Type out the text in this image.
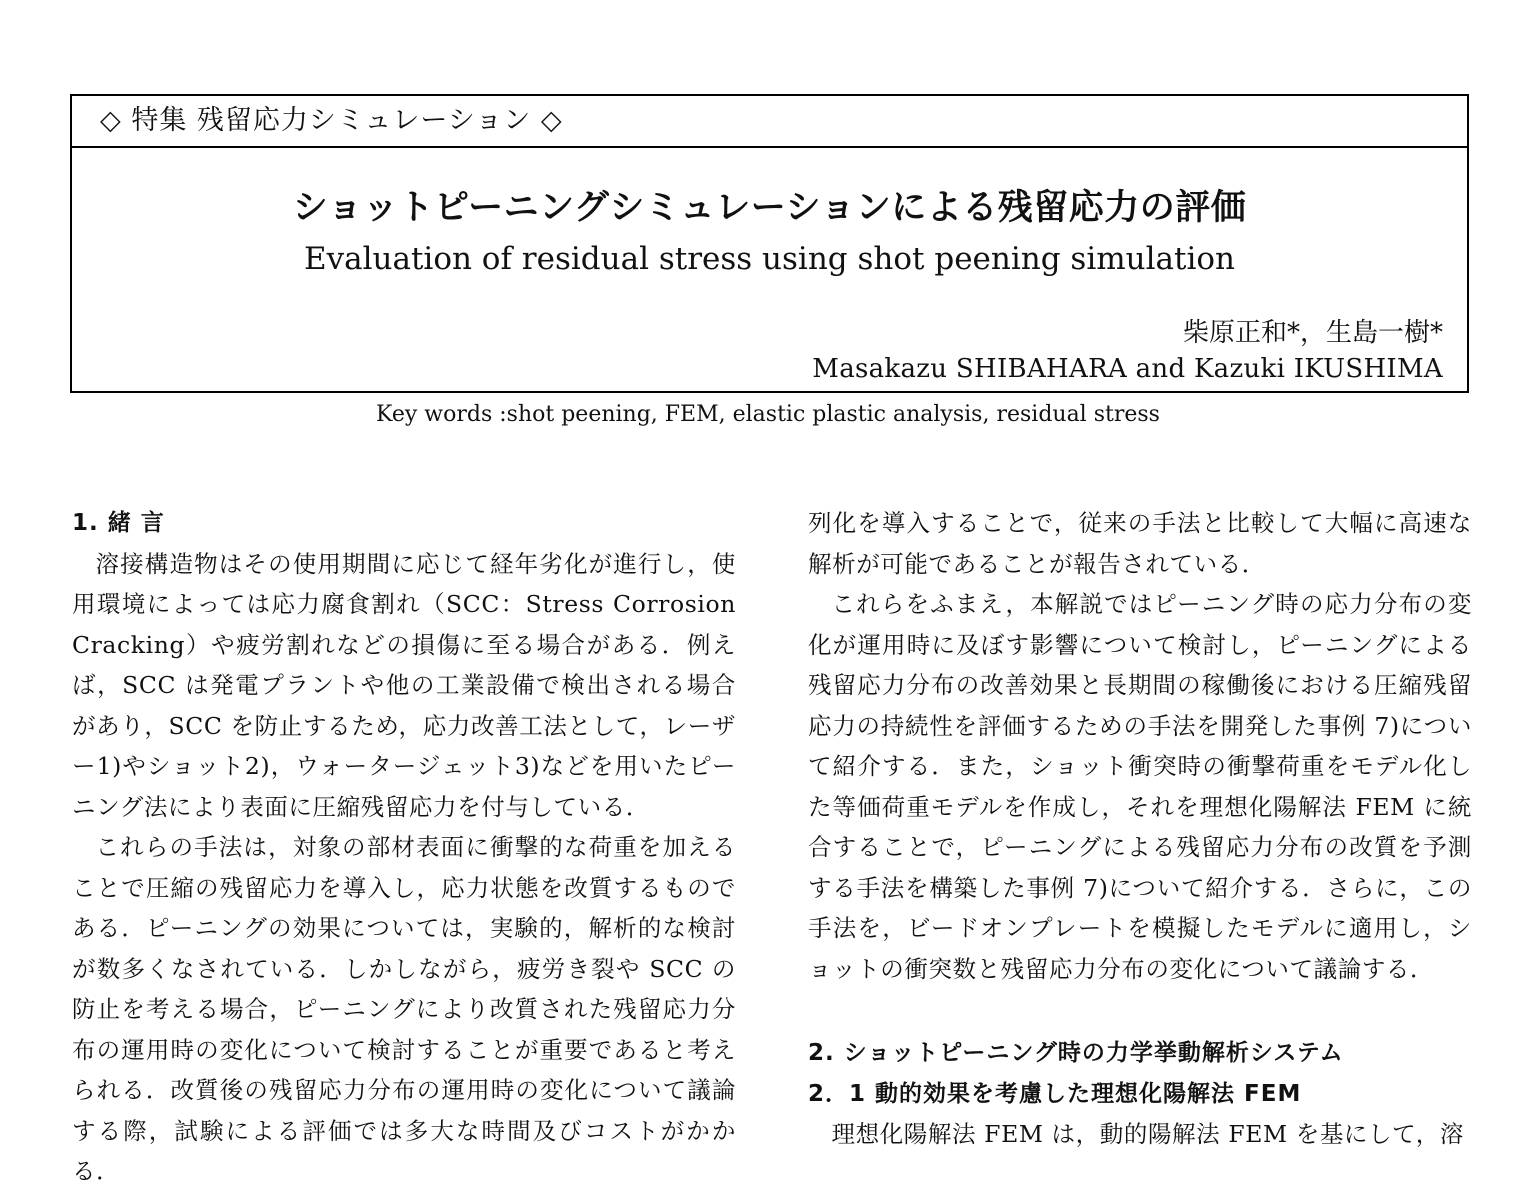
◇ 特集 残留応力シミュレーション ◇
ショットピーニングシミュレーションによる残留応力の評価
Evaluation of residual stress using shot peening simulation
柴原正和*，生島一樹*
Masakazu SHIBAHARA and Kazuki IKUSHIMA
Key words :shot peening, FEM, elastic plastic analysis, residual stress

1. 緒 言

溶接構造物はその使用期間に応じて経年劣化が進行し，使用環境によっては応力腐食割れ（SCC：Stress Corrosion Cracking）や疲労割れなどの損傷に至る場合がある．例えば，SCC は発電プラントや他の工業設備で検出される場合があり，SCC を防止するため，応力改善工法として，レーザー1)やショット2)，ウォータージェット3)などを用いたピーニング法により表面に圧縮残留応力を付与している．

これらの手法は，対象の部材表面に衝撃的な荷重を加えることで圧縮の残留応力を導入し，応力状態を改質するものである．ピーニングの効果については，実験的，解析的な検討が数多くなされている．しかしながら，疲労き裂や SCC の防止を考える場合，ピーニングにより改質された残留応力分布の運用時の変化について検討することが重要であると考えられる．改質後の残留応力分布の運用時の変化について議論する際，試験による評価では多大な時間及びコストがかかる．

列化を導入することで，従来の手法と比較して大幅に高速な解析が可能であることが報告されている．

これらをふまえ，本解説ではピーニング時の応力分布の変化が運用時に及ぼす影響について検討し，ピーニングによる残留応力分布の改善効果と長期間の稼働後における圧縮残留応力の持続性を評価するための手法を開発した事例 7)について紹介する．また，ショット衝突時の衝撃荷重をモデル化した等価荷重モデルを作成し，それを理想化陽解法 FEM に統合することで，ピーニングによる残留応力分布の改質を予測する手法を構築した事例 7)について紹介する．さらに，この手法を，ビードオンプレートを模擬したモデルに適用し，ショットの衝突数と残留応力分布の変化について議論する．

2. ショットピーニング時の力学挙動解析システム

2．1 動的効果を考慮した理想化陽解法 FEM

理想化陽解法 FEM は，動的陽解法 FEM を基にして，溶
